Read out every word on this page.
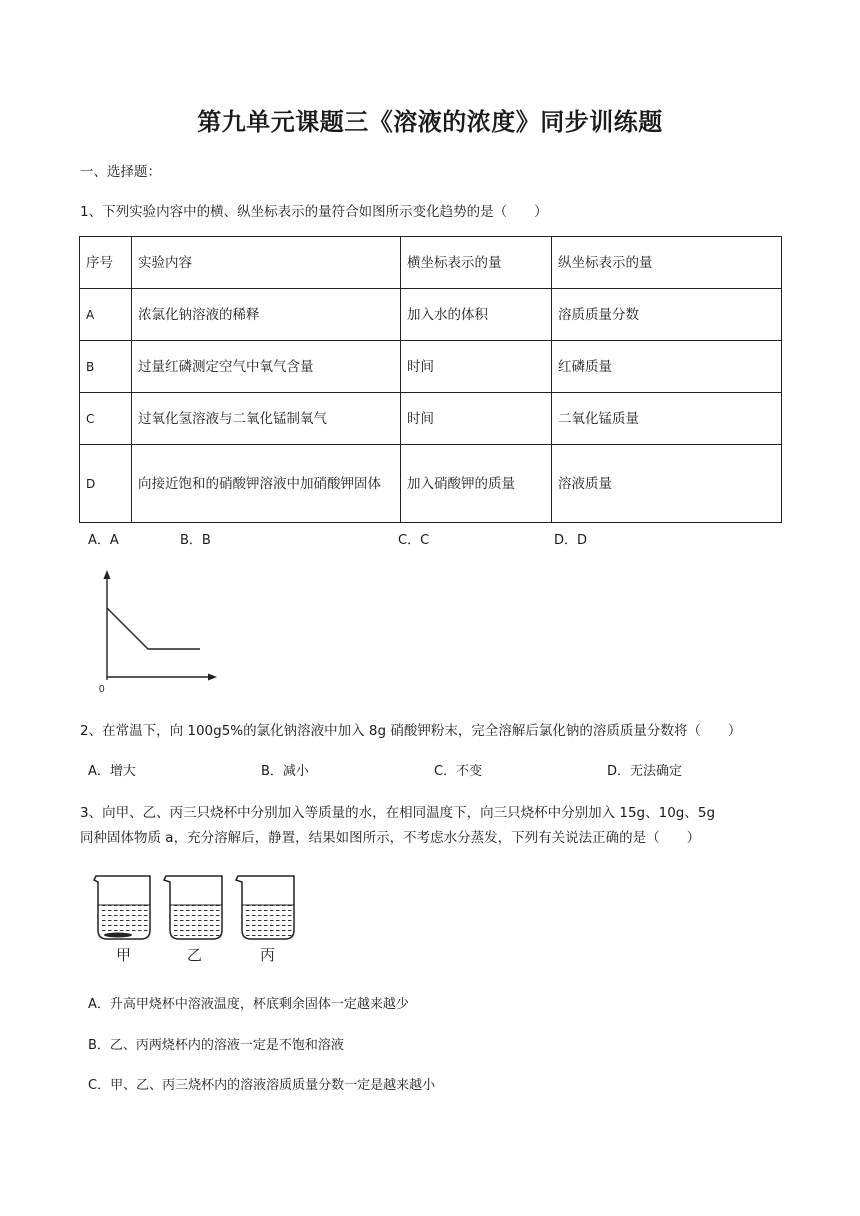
第九单元课题三《溶液的浓度》同步训练题
一、选择题：
1、下列实验内容中的横、纵坐标表示的量符合如图所示变化趋势的是（　　）
序号	实验内容	横坐标表示的量	纵坐标表示的量
A	浓氯化钠溶液的稀释	加入水的体积	溶质质量分数
B	过量红磷测定空气中氧气含量	时间	红磷质量
C	过氧化氢溶液与二氧化锰制氧气	时间	二氧化锰质量
D	向接近饱和的硝酸钾溶液中加硝酸钾固体	加入硝酸钾的质量	溶液质量
A．A	B．B	C．C	D．D
0
2、在常温下，向 100g5%的氯化钠溶液中加入 8g 硝酸钾粉末，完全溶解后氯化钠的溶质质量分数将（　　）
A．增大	B．减小	C．不变	D．无法确定
3、向甲、乙、丙三只烧杯中分别加入等质量的水，在相同温度下，向三只烧杯中分别加入 15g、10g、5g
同种固体物质 a，充分溶解后，静置，结果如图所示，不考虑水分蒸发，下列有关说法正确的是（　　）
甲	乙	丙
A．升高甲烧杯中溶液温度，杯底剩余固体一定越来越少
B．乙、丙两烧杯内的溶液一定是不饱和溶液
C．甲、乙、丙三烧杯内的溶液溶质质量分数一定是越来越小
